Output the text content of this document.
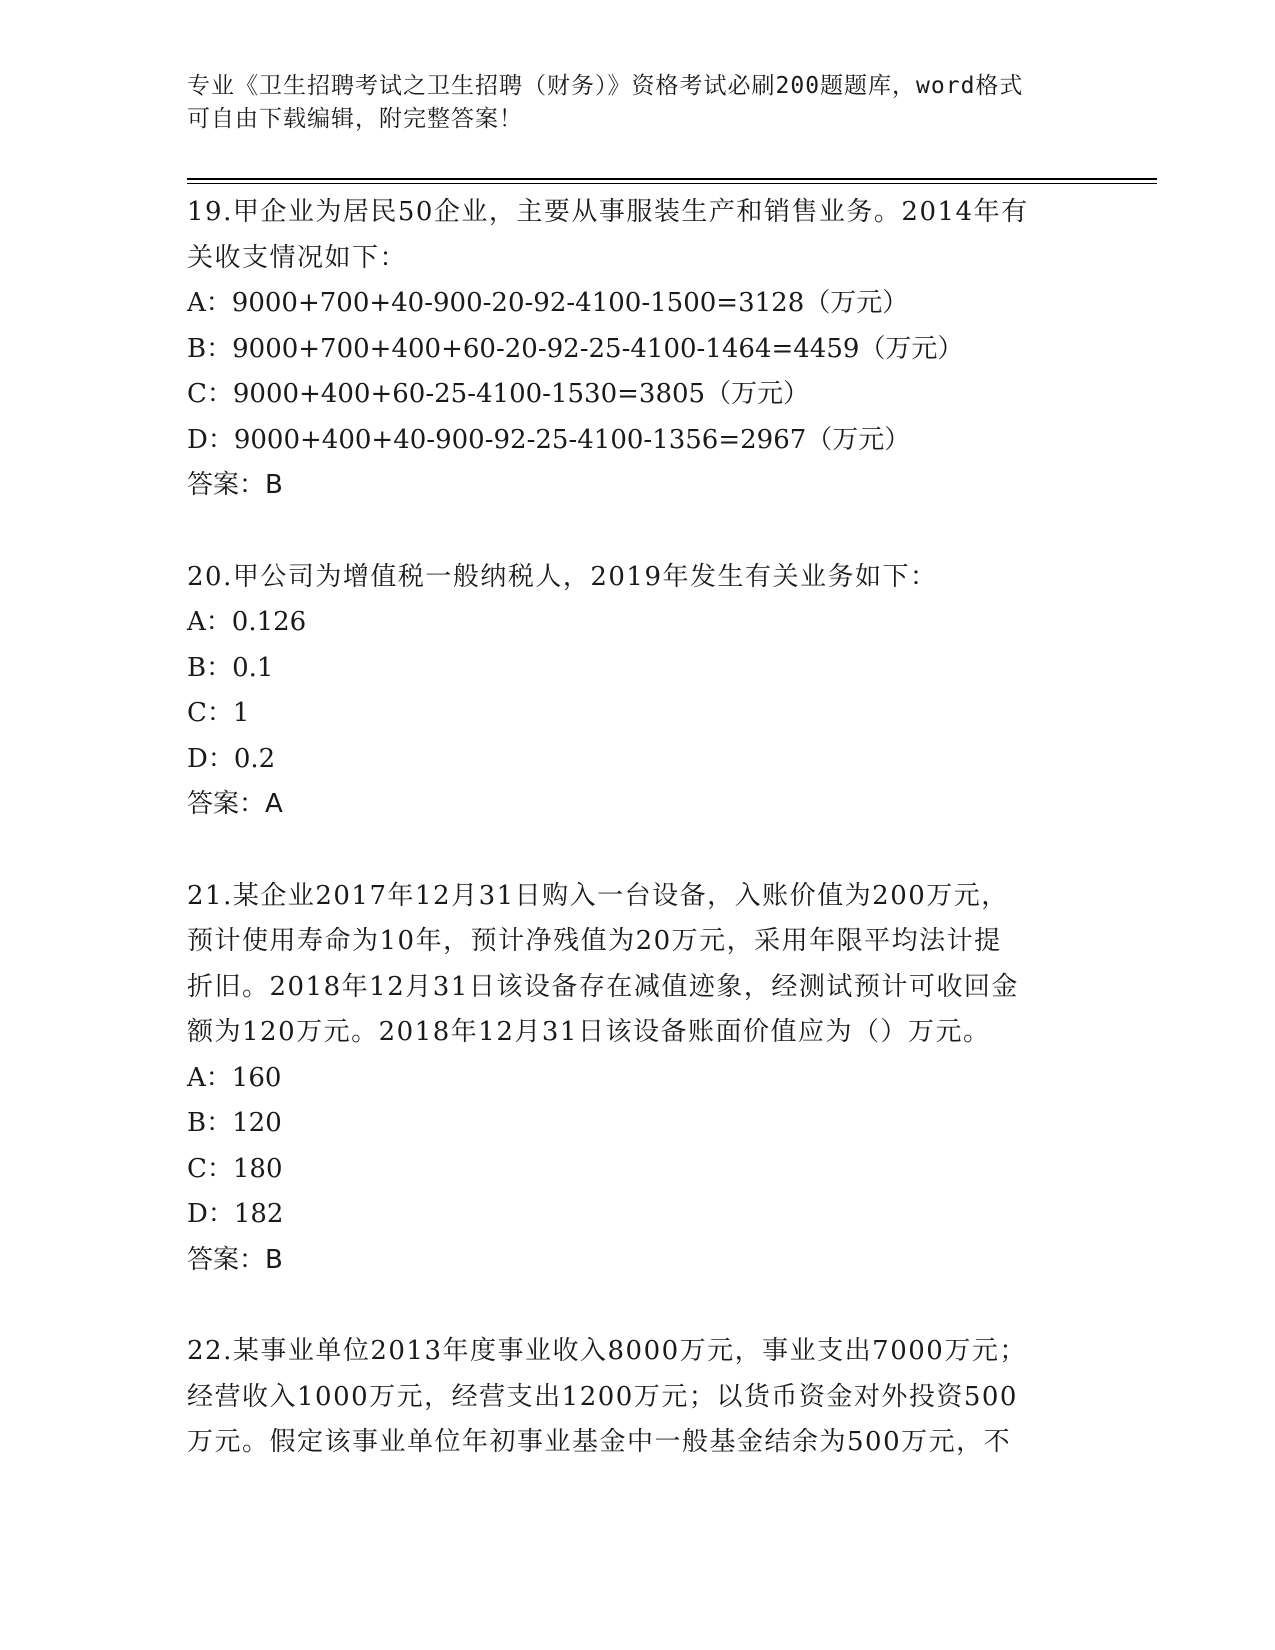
专业《卫生招聘考试之卫生招聘（财务）》资格考试必刷200题题库，word格式
可自由下载编辑，附完整答案！
19.甲企业为居民50企业，主要从事服装生产和销售业务。2014年有
关收支情况如下：
A：9000+700+40-900-20-92-4100-1500=3128（万元）
B：9000+700+400+60-20-92-25-4100-1464=4459（万元）
C：9000+400+60-25-4100-1530=3805（万元）
D：9000+400+40-900-92-25-4100-1356=2967（万元）
答案：B
20.甲公司为增值税一般纳税人，2019年发生有关业务如下：
A：0.126
B：0.1
C：1
D：0.2
答案：A
21.某企业2017年12月31日购入一台设备，入账价值为200万元，
预计使用寿命为10年，预计净残值为20万元，采用年限平均法计提
折旧。2018年12月31日该设备存在减值迹象，经测试预计可收回金
额为120万元。2018年12月31日该设备账面价值应为（）万元。
A：160
B：120
C：180
D：182
答案：B
22.某事业单位2013年度事业收入8000万元，事业支出7000万元；
经营收入1000万元，经营支出1200万元；以货币资金对外投资500
万元。假定该事业单位年初事业基金中一般基金结余为500万元，不
